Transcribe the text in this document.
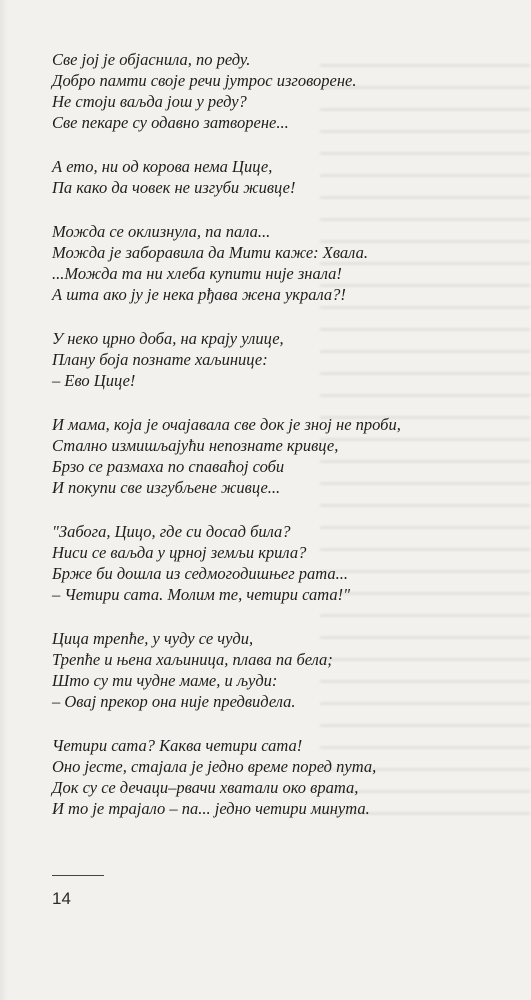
Све јој је објаснила, по реду.
Добро памти своје речи јутрос изговорене.
Не стоји ваљда још у реду?
Све пекаре су одавно затворене...
А ето, ни од корова нема Цице,
Па како да човек не изгуби живце!
Можда се оклизнула, па пала...
Можда је заборавила да Мити каже: Хвала.
...Можда та ни хлеба купити није знала!
А шта ако ју је нека рђава жена украла?!
У неко црно доба, на крају улице,
Плану боја познате хаљинице:
– Ево Цице!
И мама, која је очајавала све док је зној не проби,
Стално измишљајући непознате кривце,
Брзо се размаха по спаваћој соби
И покупи све изгубљене живце...
"Забога, Цицо, где си досад била?
Ниси се ваљда у црној земљи крила?
Брже би дошла из седмогодишњег рата...
– Четири сата. Молим те, четири сата!"
Цица трепће, у чуду се чуди,
Трепће и њена хаљиница, плава па бела;
Што су ти чудне маме, и људи:
– Овај прекор она није предвидела.
Четири сата? Каква четири сата!
Оно јесте, стајала је једно време поред пута,
Док су се дечаци–рвачи хватали око врата,
И то је трајало – па... једно четири минута.
14
